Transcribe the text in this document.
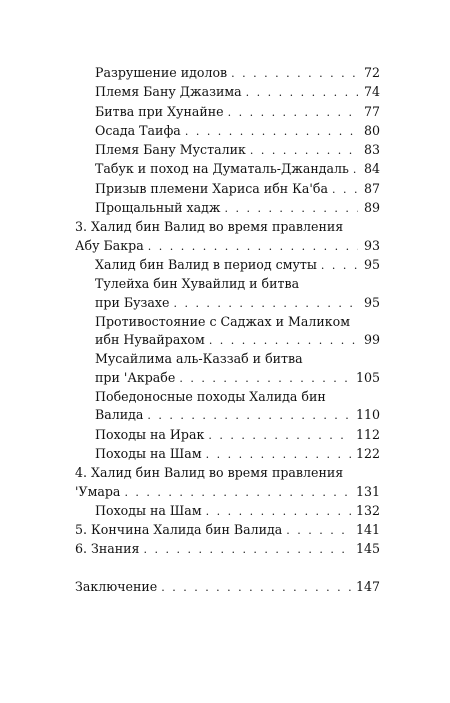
Разрушение идолов . . .	72
Племя Бану Джазима . . .	74
Битва при Хунайне . . .	77
Осада Таифа . . .	80
Племя Бану Мусталик . . .	83
Табук и поход на Думаталь-Джандаль . . . 84
Призыв племени Хариса ибн Ка'ба . . .	87
Прощальный хадж . . .	89
3. Халид бин Валид во время правления
Абу Бакра . . .	93
Халид бин Валид в период смуты . . .	95
Тулейха бин Хувайлид и битва
при Бузахе . . .	95
Противостояние с Саджах и Маликом
ибн Нувайрахом . . .	99
Мусайлима аль-Каззаб и битва
при 'Акрабе . . .	105
Победоносные походы Халида бин
Валида . . .	110
Походы на Ирак . . .	112
Походы на Шам . . .	122
4. Халид бин Валид во время правления
'Умара . . .	131
Походы на Шам . . .	132
5. Кончина Халида бин Валида . . .	141
6. Знания . . .	145
Заключение . . .	147
